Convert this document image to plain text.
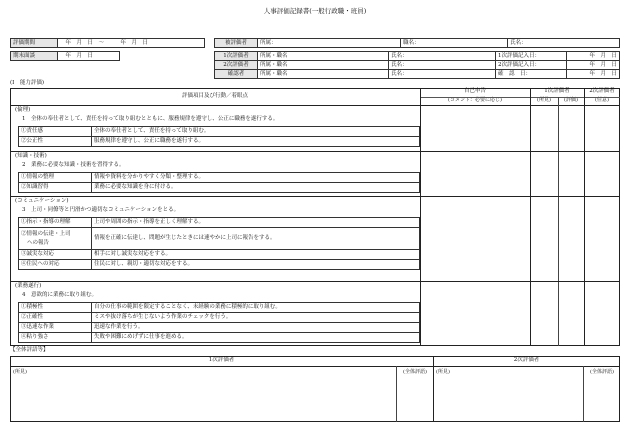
人事評価記録書(一般行政職・班員)
評価期間	　年　月　日　～　　　年　月　日
期末面談	　年　月　日
被評価者	所属：	職名：	氏名：
1次評価者	所属・職名	氏名：	1次評価記入日：	年　月　日
2次評価者	所属・職名	氏名：	2次評価記入日：	年　月　日
確認者	所属・職名	氏名：	確　認　日：	年　月　日
(Ⅰ　能力評価)
評価項目及び行動／着眼点
自己申告
(コメント：必要に応じ)
1次評価者
(所見)	(評価)
2次評価者
(任意)
(倫理)
1　全体の奉仕者として、責任を持って取り組むとともに、服務規律を遵守し、公正に職務を遂行する。
①責任感	全体の奉仕者として、責任を持って取り組む。
②公正性	服務規律を遵守し、公正に職務を遂行する。
(知識・技術)
2　業務に必要な知識・技術を習得する。
①情報の整理	情報や資料を分かりやすく分類・整理する。
②知識習得	業務に必要な知識を身に付ける。
(コミュニケーション)
3　上司・同僚等と円滑かつ適切なコミュニケーションをとる。
①指示・指導の理解	上司や周囲の指示・指導を正しく理解する。

②情報の伝達・上司
への報告	情報を正確に伝達し、問題が生じたときには速やかに上司に報告をする。
③誠実な対応	相手に対し誠実な対応をする。
④住民への対応	住民に対し、親切・適切な対応をする。
(業務遂行)
4　意欲的に業務に取り組む。
①積極性	自分の仕事の範囲を限定することなく、未経験の業務に積極的に取り組む。
②正確性	ミスや抜け落ちが生じないよう作業のチェックを行う。
③迅速な作業	迅速な作業を行う。
④粘り強さ	失敗や困難にめげずに仕事を進める。
【全体評語等】
1次評価者	2次評価者
(所見)	(全体評語)	(所見)	(全体評語)
